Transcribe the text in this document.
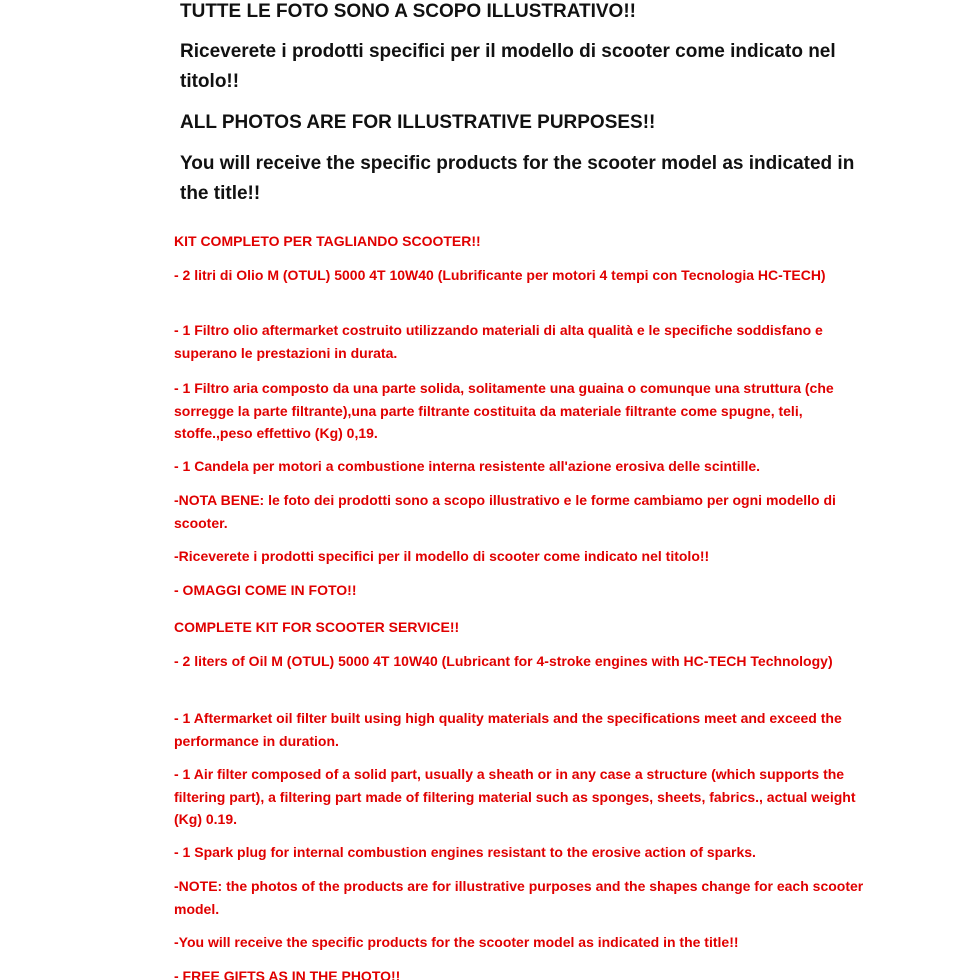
TUTTE LE FOTO SONO A SCOPO ILLUSTRATIVO!!

Riceverete i prodotti specifici per il modello di scooter come indicato nel titolo!!

ALL PHOTOS ARE FOR ILLUSTRATIVE PURPOSES!!

You will receive the specific products for the scooter model as indicated in the title!!

KIT COMPLETO PER TAGLIANDO SCOOTER!!

- 2 litri di Olio M (OTUL) 5000 4T 10W40 (Lubrificante per motori 4 tempi con Tecnologia HC-TECH)

- 1 Filtro olio aftermarket costruito utilizzando materiali di alta qualità e le specifiche soddisfano e superano le prestazioni in durata.

- 1 Filtro aria composto da una parte solida, solitamente una guaina o comunque una struttura (che sorregge la parte filtrante),una parte filtrante costituita da materiale filtrante come spugne, teli, stoffe.,peso effettivo (Kg) 0,19.

- 1 Candela per motori a combustione interna resistente all'azione erosiva delle scintille.

-NOTA BENE: le foto dei prodotti sono a scopo illustrativo e le forme cambiamo per ogni modello di scooter.

-Riceverete i prodotti specifici per il modello di scooter come indicato nel titolo!!

- OMAGGI COME IN FOTO!!

COMPLETE KIT FOR SCOOTER SERVICE!!

- 2 liters of Oil M (OTUL) 5000 4T 10W40 (Lubricant for 4-stroke engines with HC-TECH Technology)

- 1 Aftermarket oil filter built using high quality materials and the specifications meet and exceed the performance in duration.

- 1 Air filter composed of a solid part, usually a sheath or in any case a structure (which supports the filtering part), a filtering part made of filtering material such as sponges, sheets, fabrics., actual weight (Kg) 0.19.

- 1 Spark plug for internal combustion engines resistant to the erosive action of sparks.

-NOTE: the photos of the products are for illustrative purposes and the shapes change for each scooter model.

-You will receive the specific products for the scooter model as indicated in the title!!

- FREE GIFTS AS IN THE PHOTO!!
